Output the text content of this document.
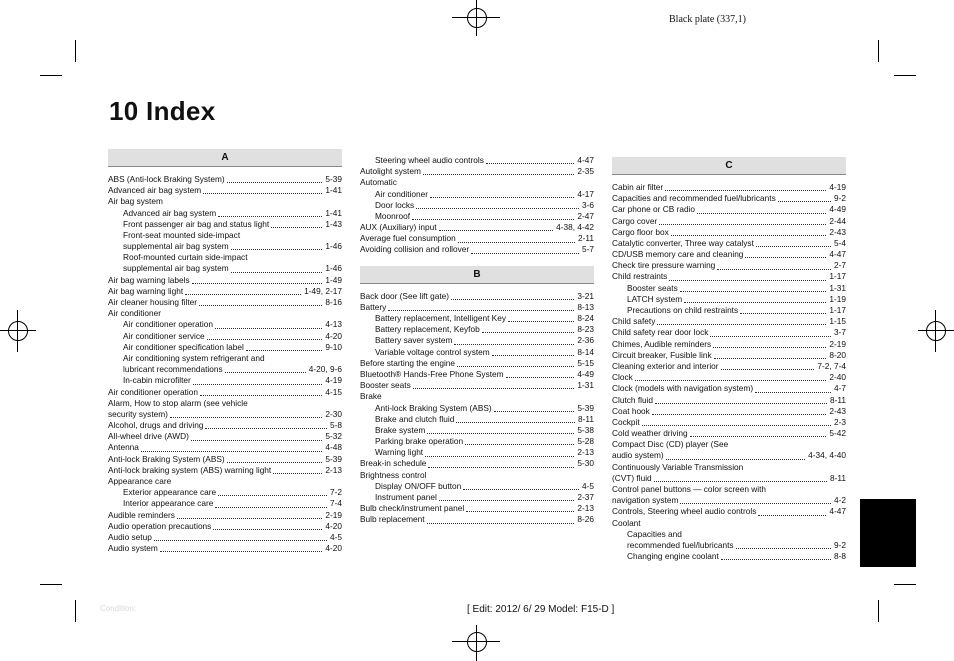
Black plate (337,1)
10 Index
A
ABS (Anti-lock Braking System)	5-39
Advanced air bag system	1-41
Air bag system
Advanced air bag system	1-41
Front passenger air bag and status light	1-43
Front-seat mounted side-impact
supplemental air bag system	1-46
Roof-mounted curtain side-impact
supplemental air bag system	1-46
Air bag warning labels	1-49
Air bag warning light	1-49, 2-17
Air cleaner housing filter	8-16
Air conditioner
Air conditioner operation	4-13
Air conditioner service	4-20
Air conditioner specification label	9-10
Air conditioning system refrigerant and
lubricant recommendations	4-20, 9-6
In-cabin microfilter	4-19
Air conditioner operation	4-15
Alarm, How to stop alarm (see vehicle
security system)	2-30
Alcohol, drugs and driving	5-8
All-wheel drive (AWD)	5-32
Antenna	4-48
Anti-lock Braking System (ABS)	5-39
Anti-lock braking system (ABS) warning light	2-13
Appearance care
Exterior appearance care	7-2
Interior appearance care	7-4
Audible reminders	2-19
Audio operation precautions	4-20
Audio setup	4-5
Audio system	4-20
Steering wheel audio controls	4-47
Autolight system	2-35
Automatic
Air conditioner	4-17
Door locks	3-6
Moonroof	2-47
AUX (Auxiliary) input	4-38, 4-42
Average fuel consumption	2-11
Avoiding collision and rollover	5-7
B
Back door (See lift gate)	3-21
Battery	8-13
Battery replacement, Intelligent Key	8-24
Battery replacement, Keyfob	8-23
Battery saver system	2-36
Variable voltage control system	8-14
Before starting the engine	5-15
Bluetooth® Hands-Free Phone System	4-49
Booster seats	1-31
Brake
Anti-lock Braking System (ABS)	5-39
Brake and clutch fluid	8-11
Brake system	5-38
Parking brake operation	5-28
Warning light	2-13
Break-in schedule	5-30
Brightness control
Display ON/OFF button	4-5
Instrument panel	2-37
Bulb check/instrument panel	2-13
Bulb replacement	8-26
C
Cabin air filter	4-19
Capacities and recommended fuel/lubricants	9-2
Car phone or CB radio	4-49
Cargo cover	2-44
Cargo floor box	2-43
Catalytic converter, Three way catalyst	5-4
CD/USB memory care and cleaning	4-47
Check tire pressure warning	2-7
Child restraints	1-17
Booster seats	1-31
LATCH system	1-19
Precautions on child restraints	1-17
Child safety	1-15
Child safety rear door lock	3-7
Chimes, Audible reminders	2-19
Circuit breaker, Fusible link	8-20
Cleaning exterior and interior	7-2, 7-4
Clock	2-40
Clock (models with navigation system)	4-7
Clutch fluid	8-11
Coat hook	2-43
Cockpit	2-3
Cold weather driving	5-42
Compact Disc (CD) player (See
audio system)	4-34, 4-40
Continuously Variable Transmission
(CVT) fluid	8-11
Control panel buttons — color screen with
navigation system	4-2
Controls, Steering wheel audio controls	4-47
Coolant
Capacities and
recommended fuel/lubricants	9-2
Changing engine coolant	8-8
Condition:	[ Edit: 2012/ 6/ 29 Model: F15-D ]
